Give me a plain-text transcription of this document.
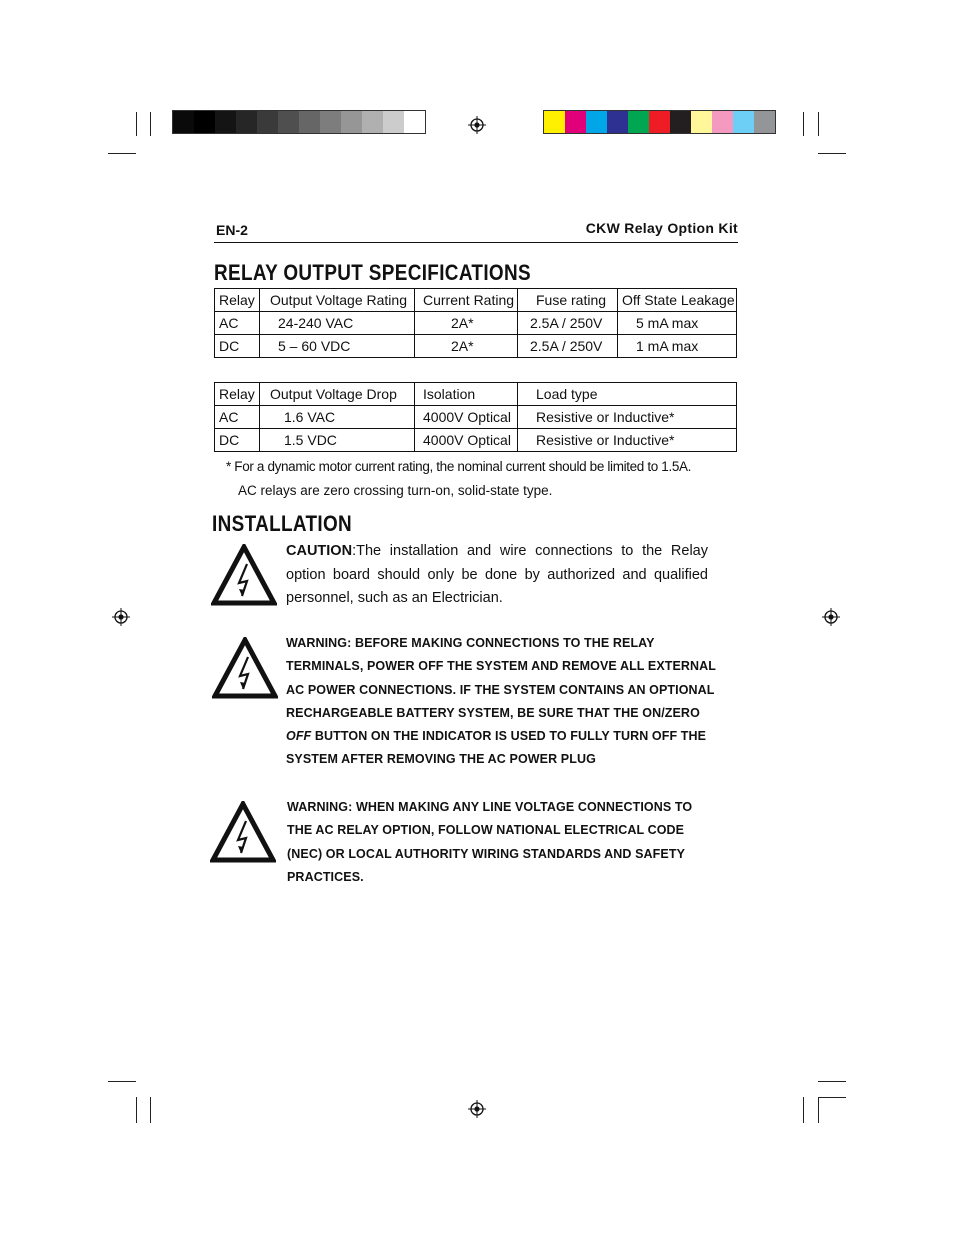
EN-2	CKW Relay Option Kit
RELAY OUTPUT SPECIFICATIONS
Relay	Output Voltage Rating	Current Rating	Fuse rating	Off State Leakage
AC	24-240 VAC	2A*	2.5A / 250V	5 mA max
DC	5 – 60 VDC	2A*	2.5A / 250V	1 mA max
Relay	Output Voltage Drop	Isolation	Load type
AC	1.6 VAC	4000V Optical	Resistive or Inductive*
DC	1.5 VDC	4000V Optical	Resistive or Inductive*
* For a dynamic motor current rating, the nominal current should be limited to 1.5A.
AC relays are zero crossing turn-on, solid-state type.
INSTALLATION
CAUTION:The installation and wire connections to the Relay option board should only be done by authorized and qualified personnel, such as an Electrician.
WARNING: BEFORE MAKING CONNECTIONS TO THE RELAY TERMINALS, POWER OFF THE SYSTEM AND REMOVE ALL EXTERNAL AC POWER CONNECTIONS. IF THE SYSTEM CONTAINS AN OPTIONAL RECHARGEABLE BATTERY SYSTEM, BE SURE THAT THE ON/ZERO OFF BUTTON ON THE INDICATOR IS USED TO FULLY TURN OFF THE SYSTEM AFTER REMOVING THE AC POWER PLUG
WARNING: WHEN MAKING ANY LINE VOLTAGE CONNECTIONS TO THE AC RELAY OPTION, FOLLOW NATIONAL ELECTRICAL CODE (NEC) OR LOCAL AUTHORITY WIRING STANDARDS AND SAFETY PRACTICES.
